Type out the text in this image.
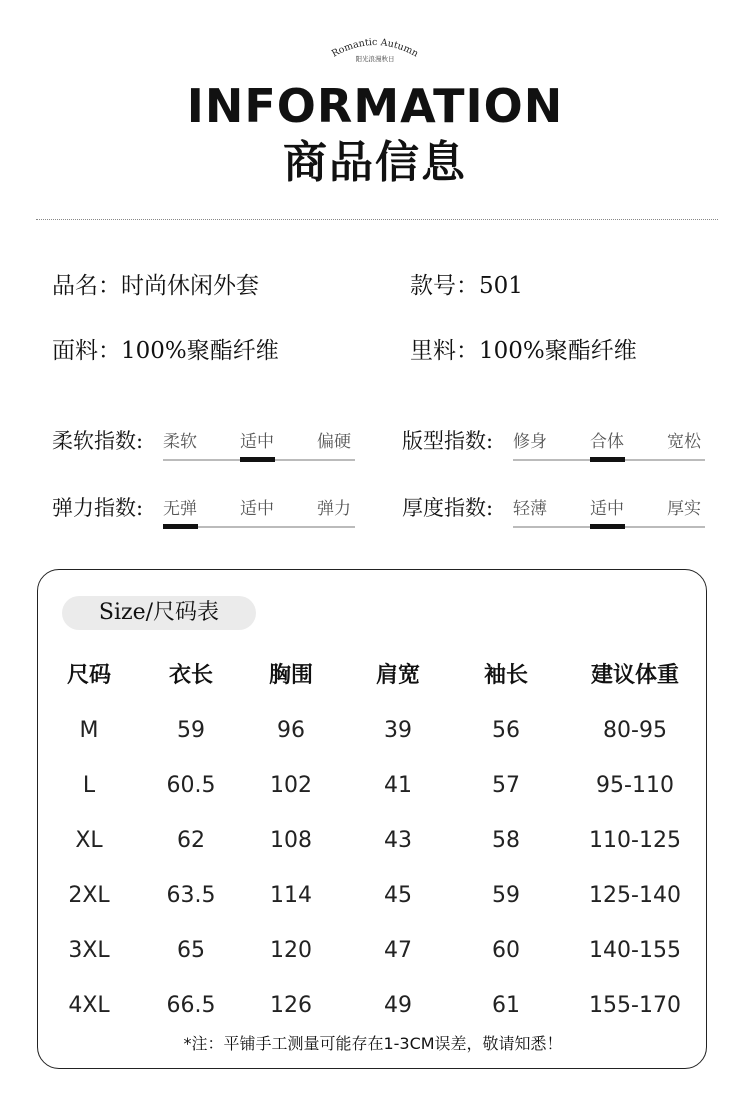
Romantic Autumn
阳光浪漫秋日
INFORMATION
商品信息
品名：时尚休闲外套	款号：501
面料：100%聚酯纤维	里料：100%聚酯纤维
柔软指数: 柔软	适中	偏硬 版型指数: 修身	合体	宽松
弹力指数: 无弹	适中	弹力 厚度指数: 轻薄	适中	厚实
Size/尺码表
尺码	衣长	胸围	肩宽	袖长	建议体重
M	59	96	39	56	80-95
L	60.5	102	41	57	95-110
XL	62	108	43	58	110-125
2XL	63.5	114	45	59	125-140
3XL	65	120	47	60	140-155
4XL	66.5	126	49	61	155-170
*注：平铺手工测量可能存在1-3CM误差，敬请知悉！
